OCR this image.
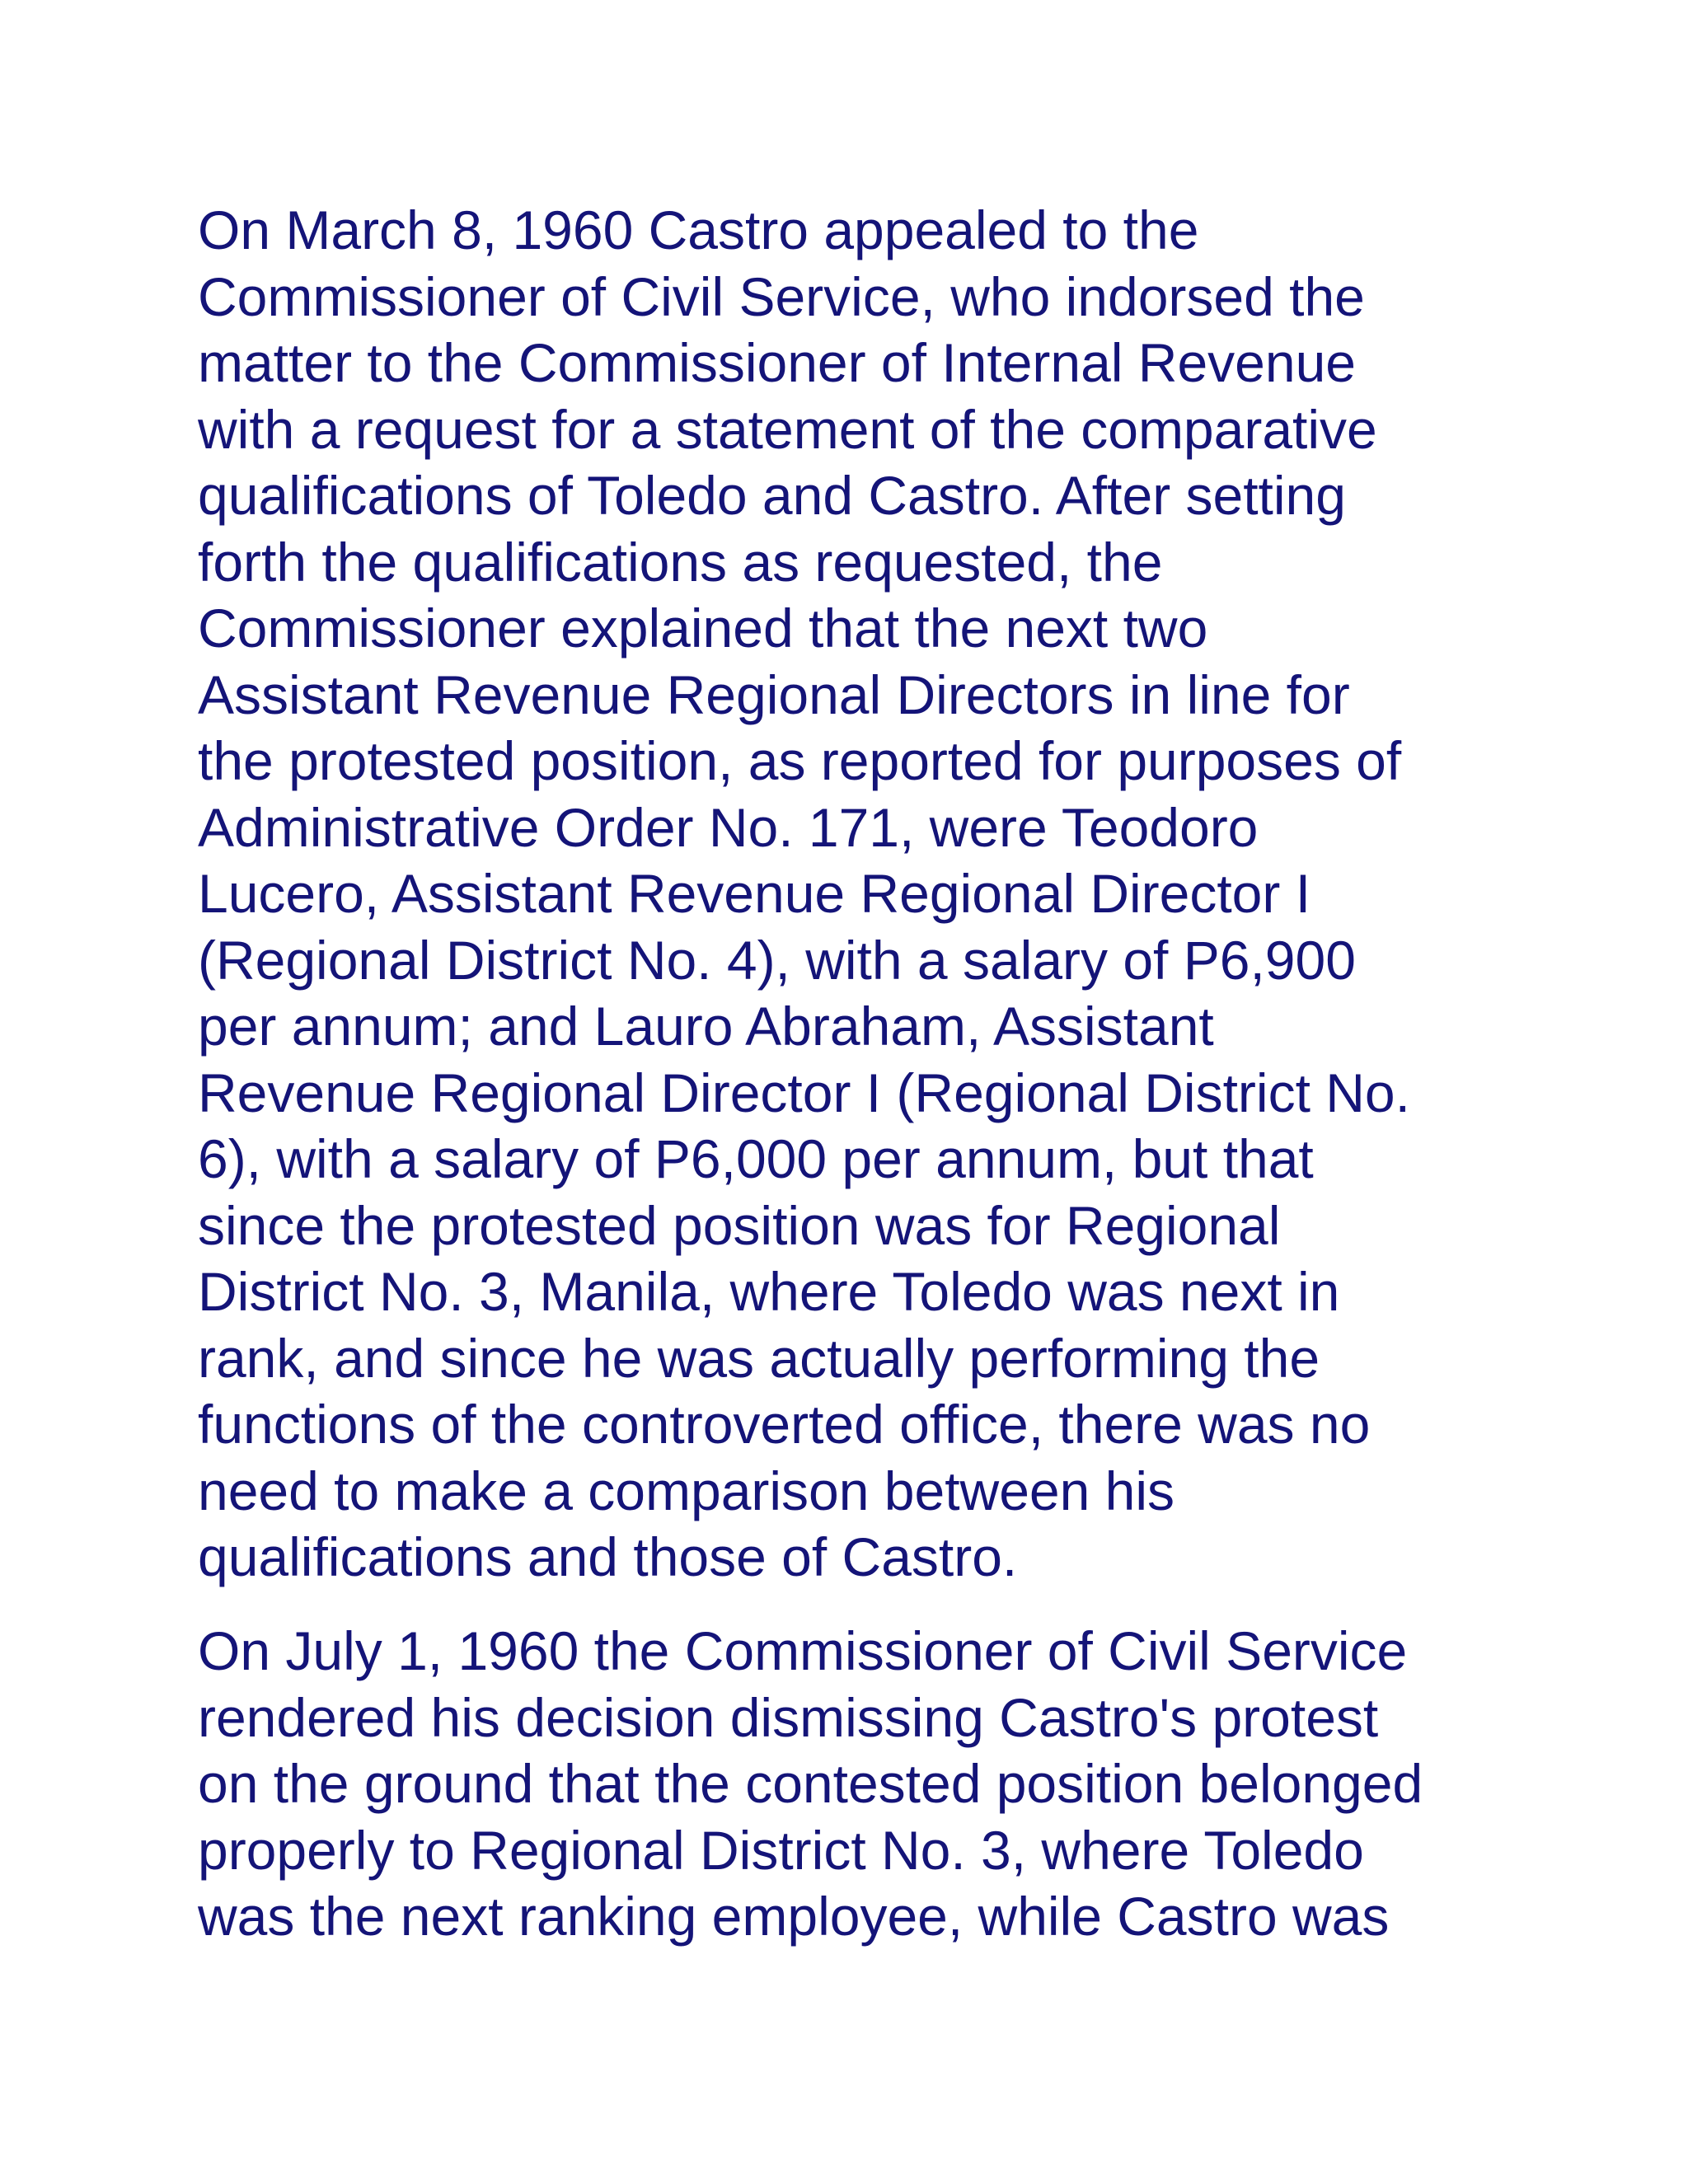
On March 8, 1960 Castro appealed to the
Commissioner of Civil Service, who indorsed the
matter to the Commissioner of Internal Revenue
with a request for a statement of the comparative
qualifications of Toledo and Castro. After setting
forth the qualifications as requested, the
Commissioner explained that the next two
Assistant Revenue Regional Directors in line for
the protested position, as reported for purposes of
Administrative Order No. 171, were Teodoro
Lucero, Assistant Revenue Regional Director I
(Regional District No. 4), with a salary of P6,900
per annum; and Lauro Abraham, Assistant
Revenue Regional Director I (Regional District No.
6), with a salary of P6,000 per annum, but that
since the protested position was for Regional
District No. 3, Manila, where Toledo was next in
rank, and since he was actually performing the
functions of the controverted office, there was no
need to make a comparison between his
qualifications and those of Castro.

On July 1, 1960 the Commissioner of Civil Service
rendered his decision dismissing Castro's protest
on the ground that the contested position belonged
properly to Regional District No. 3, where Toledo
was the next ranking employee, while Castro was
